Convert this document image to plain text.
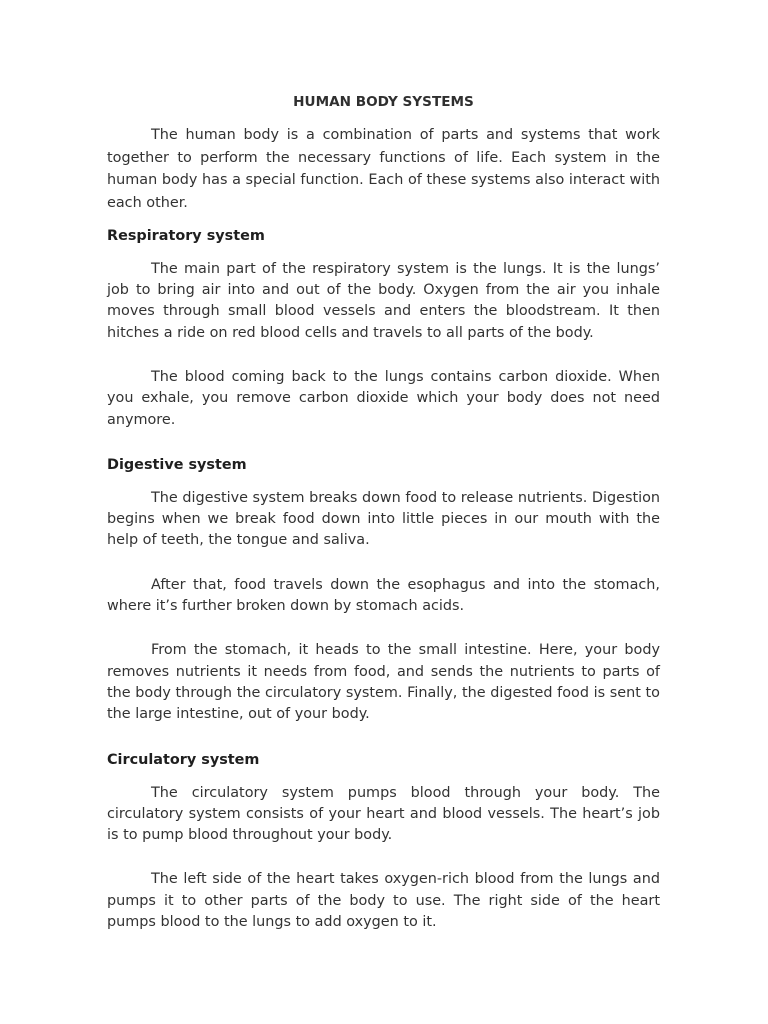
HUMAN BODY SYSTEMS

The human body is a combination of parts and systems that work together to perform the necessary functions of life. Each system in the human body has a special function. Each of these systems also interact with each other.

Respiratory system

The main part of the respiratory system is the lungs. It is the lungs’ job to bring air into and out of the body. Oxygen from the air you inhale moves through small blood vessels and enters the bloodstream. It then hitches a ride on red blood cells and travels to all parts of the body.

The blood coming back to the lungs contains carbon dioxide. When you exhale, you remove carbon dioxide which your body does not need anymore.

Digestive system

The digestive system breaks down food to release nutrients. Digestion begins when we break food down into little pieces in our mouth with the help of teeth, the tongue and saliva.

After that, food travels down the esophagus and into the stomach, where it’s further broken down by stomach acids.

From the stomach, it heads to the small intestine. Here, your body removes nutrients it needs from food, and sends the nutrients to parts of the body through the circulatory system. Finally, the digested food is sent to the large intestine, out of your body.

Circulatory system

The circulatory system pumps blood through your body. The circulatory system consists of your heart and blood vessels. The heart’s job is to pump blood throughout your body.

The left side of the heart takes oxygen-rich blood from the lungs and pumps it to other parts of the body to use. The right side of the heart pumps blood to the lungs to add oxygen to it.
